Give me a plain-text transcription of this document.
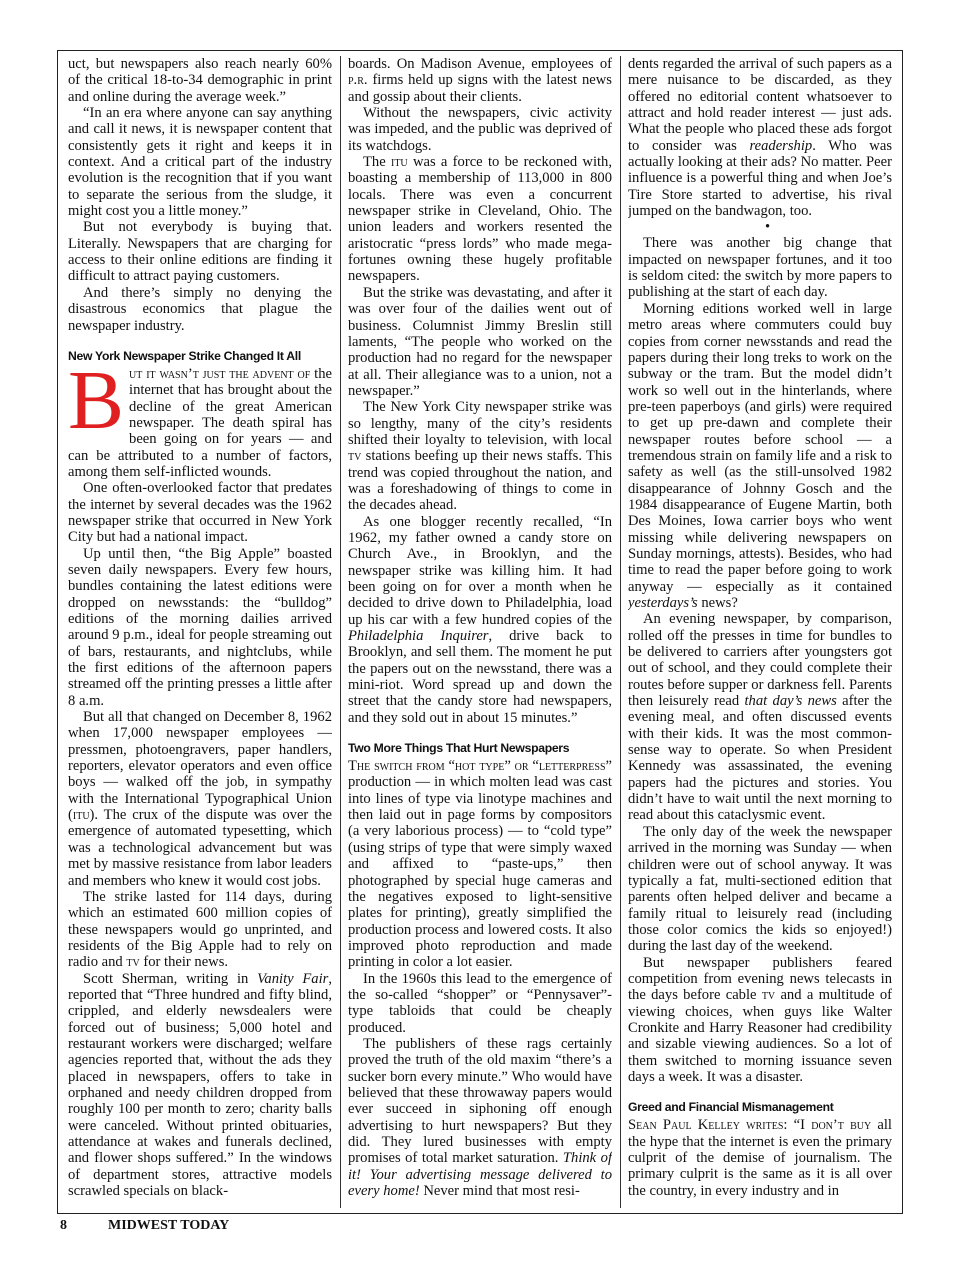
uct, but newspapers also reach nearly 60% of the critical 18-to-34 demographic in print and online during the average week.”

“In an era where anyone can say anything and call it news, it is newspaper content that consistently gets it right and keeps it in context. And a critical part of the industry evolution is the recognition that if you want to separate the serious from the sludge, it might cost you a little money.”

But not everybody is buying that. Literally. Newspapers that are charging for access to their online editions are finding it difficult to attract paying customers.

And there’s simply no denying the disastrous economics that plague the newspaper industry.

New York Newspaper Strike Changed It All

But it wasn’t just the advent of the internet that has brought about the decline of the great American newspaper. The death spiral has been going on for years — and can be attributed to a number of factors, among them self-inflicted wounds.

One often-overlooked factor that predates the internet by several decades was the 1962 newspaper strike that occurred in New York City but had a national impact.

Up until then, “the Big Apple” boasted seven daily newspapers. Every few hours, bundles containing the latest editions were dropped on newsstands: the “bulldog” editions of the morning dailies arrived around 9 p.m., ideal for people streaming out of bars, restaurants, and nightclubs, while the first editions of the afternoon papers streamed off the printing presses a little after 8 a.m.

But all that changed on December 8, 1962 when 17,000 newspaper employees — pressmen, photoengravers, paper handlers, reporters, elevator operators and even office boys — walked off the job, in sympathy with the International Typographical Union (itu). The crux of the dispute was over the emergence of automated typesetting, which was a technological advancement but was met by massive resistance from labor leaders and members who knew it would cost jobs.

The strike lasted for 114 days, during which an estimated 600 million copies of these newspapers would go unprinted, and residents of the Big Apple had to rely on radio and tv for their news.

Scott Sherman, writing in Vanity Fair, reported that “Three hundred and fifty blind, crippled, and elderly newsdealers were forced out of business; 5,000 hotel and restaurant workers were discharged; welfare agencies reported that, without the ads they placed in newspapers, offers to take in orphaned and needy children dropped from roughly 100 per month to zero; charity balls were canceled. Without printed obituaries, attendance at wakes and funerals declined, and flower shops suffered.” In the windows of department stores, attractive models scrawled specials on black-

boards. On Madison Avenue, employees of p.r. firms held up signs with the latest news and gossip about their clients.

Without the newspapers, civic activity was impeded, and the public was deprived of its watchdogs.

The itu was a force to be reckoned with, boasting a membership of 113,000 in 800 locals. There was even a concurrent newspaper strike in Cleveland, Ohio. The union leaders and workers resented the aristocratic “press lords” who made mega-fortunes owning these hugely profitable newspapers.

But the strike was devastating, and after it was over four of the dailies went out of business. Columnist Jimmy Breslin still laments, “The people who worked on the production had no regard for the newspaper at all. Their allegiance was to a union, not a newspaper.”

The New York City newspaper strike was so lengthy, many of the city’s residents shifted their loyalty to television, with local tv stations beefing up their news staffs. This trend was copied throughout the nation, and was a foreshadowing of things to come in the decades ahead.

As one blogger recently recalled, “In 1962, my father owned a candy store on Church Ave., in Brooklyn, and the newspaper strike was killing him. It had been going on for over a month when he decided to drive down to Philadelphia, load up his car with a few hundred copies of the Philadelphia Inquirer, drive back to Brooklyn, and sell them. The moment he put the papers out on the newsstand, there was a mini-riot. Word spread up and down the street that the candy store had newspapers, and they sold out in about 15 minutes.”

Two More Things That Hurt Newspapers

The switch from “hot type” or “letterpress” production — in which molten lead was cast into lines of type via linotype machines and then laid out in page forms by compositors (a very laborious process) — to “cold type” (using strips of type that were simply waxed and affixed to “paste-ups,” then photographed by special huge cameras and the negatives exposed to light-sensitive plates for printing), greatly simplified the production process and lowered costs. It also improved photo reproduction and made printing in color a lot easier.

In the 1960s this lead to the emergence of the so-called “shopper” or “Pennysaver”-type tabloids that could be cheaply produced.

The publishers of these rags certainly proved the truth of the old maxim “there’s a sucker born every minute.” Who would have believed that these throwaway papers would ever succeed in siphoning off enough advertising to hurt newspapers? But they did. They lured businesses with empty promises of total market saturation. Think of it! Your advertising message delivered to every home! Never mind that most resi-

dents regarded the arrival of such papers as a mere nuisance to be discarded, as they offered no editorial content whatsoever to attract and hold reader interest — just ads. What the people who placed these ads forgot to consider was readership. Who was actually looking at their ads? No matter. Peer influence is a powerful thing and when Joe’s Tire Store started to advertise, his rival jumped on the bandwagon, too.

•

There was another big change that impacted on newspaper fortunes, and it too is seldom cited: the switch by more papers to publishing at the start of each day.

Morning editions worked well in large metro areas where commuters could buy copies from corner newsstands and read the papers during their long treks to work on the subway or the tram. But the model didn’t work so well out in the hinterlands, where pre-teen paperboys (and girls) were required to get up pre-dawn and complete their newspaper routes before school — a tremendous strain on family life and a risk to safety as well (as the still-unsolved 1982 disappearance of Johnny Gosch and the 1984 disappearance of Eugene Martin, both Des Moines, Iowa carrier boys who went missing while delivering newspapers on Sunday mornings, attests). Besides, who had time to read the paper before going to work anyway — especially as it contained yesterdays’s news?

An evening newspaper, by comparison, rolled off the presses in time for bundles to be delivered to carriers after youngsters got out of school, and they could complete their routes before supper or darkness fell. Parents then leisurely read that day’s news after the evening meal, and often discussed events with their kids. It was the most common-sense way to operate. So when President Kennedy was assassinated, the evening papers had the pictures and stories. You didn’t have to wait until the next morning to read about this cataclysmic event.

The only day of the week the newspaper arrived in the morning was Sunday — when children were out of school anyway. It was typically a fat, multi-sectioned edition that parents often helped deliver and became a family ritual to leisurely read (including those color comics the kids so enjoyed!) during the last day of the weekend.

But newspaper publishers feared competition from evening news telecasts in the days before cable tv and a multitude of viewing choices, when guys like Walter Cronkite and Harry Reasoner had credibility and sizable viewing audiences. So a lot of them switched to morning issuance seven days a week. It was a disaster.

Greed and Financial Mismanagement

Sean Paul Kelley writes: “I don’t buy all the hype that the internet is even the primary culprit of the demise of journalism. The primary culprit is the same as it is all over the country, in every industry and in

8	MIDWEST TODAY
